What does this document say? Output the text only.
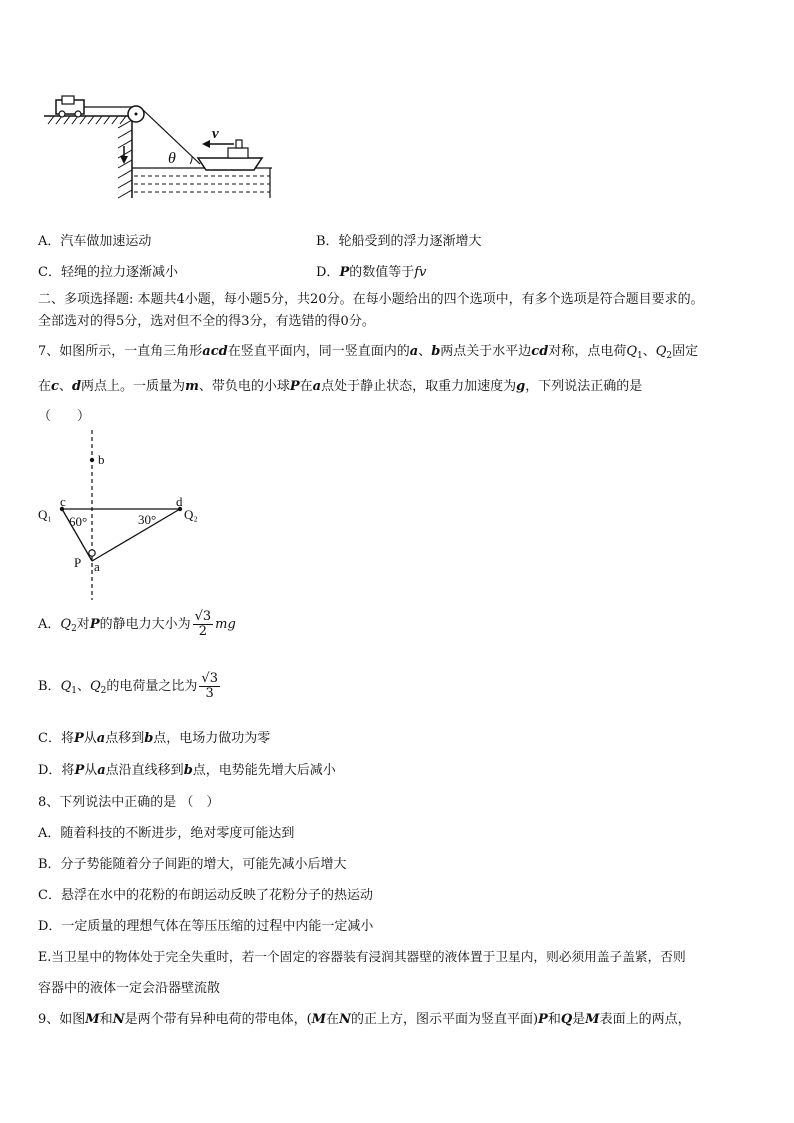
θ
v
A．汽车做加速运动	B．轮船受到的浮力逐渐增大
C．轻绳的拉力逐渐减小	D．P的数值等于fv
二、多项选择题: 本题共4小题，每小题5分，共20分。在每小题给出的四个选项中，有多个选项是符合题目要求的。
全部选对的得5分，选对但不全的得3分，有选错的得0分。
7、如图所示，一直角三角形acd在竖直平面内，同一竖直面内的a、b两点关于水平边cd对称，点电荷$Q_1$、$Q_2$固定
在c、d两点上。一质量为m、带负电的小球P在a点处于静止状态，取重力加速度为g，下列说法正确的是
（　　）
b
c	d
Q₁	Q₂
60°	30°
P a
A．$Q_2$对P的静电力大小为 $\frac{√3}{2}$ mg
B．$Q_1$、$Q_2$的电荷量之比为 $\frac{√3}{3}$
C．将P从a点移到b点，电场力做功为零
D．将P从a点沿直线移到b点，电势能先增大后减小
8、下列说法中正确的是 （　）
A．随着科技的不断进步，绝对零度可能达到
B．分子势能随着分子间距的增大，可能先减小后增大
C．悬浮在水中的花粉的布朗运动反映了花粉分子的热运动
D．一定质量的理想气体在等压压缩的过程中内能一定减小
E.当卫星中的物体处于完全失重时，若一个固定的容器装有浸润其器壁的液体置于卫星内，则必须用盖子盖紧，否则
容器中的液体一定会沿器壁流散
9、如图M和N是两个带有异种电荷的带电体，(M在N的正上方，图示平面为竖直平面)P和Q是M表面上的两点，
